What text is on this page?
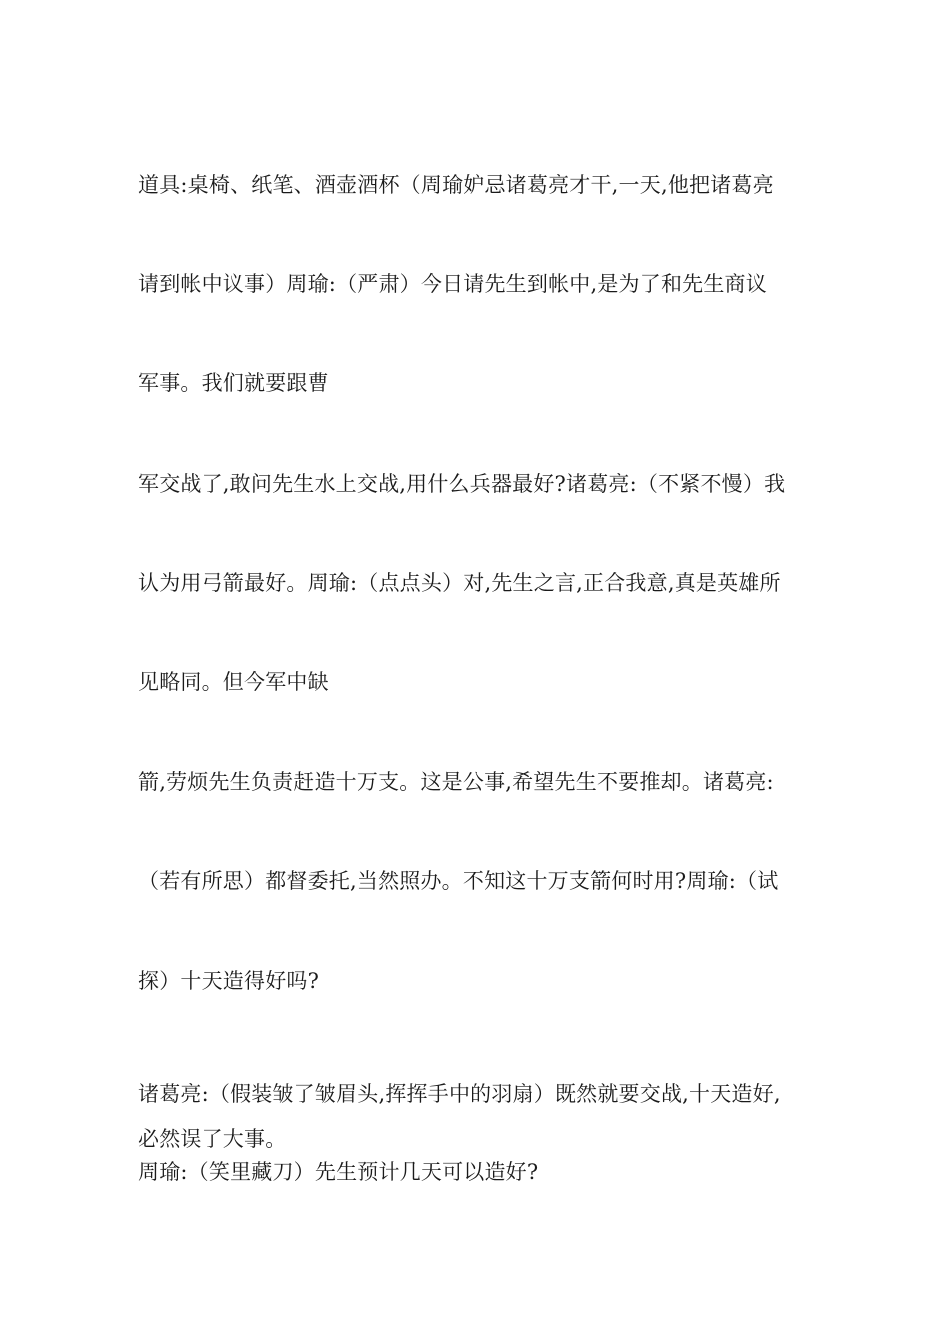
道具:桌椅、纸笔、酒壶酒杯（周瑜妒忌诸葛亮才干,一天,他把诸葛亮
请到帐中议事）周瑜:（严肃）今日请先生到帐中,是为了和先生商议
军事。我们就要跟曹
军交战了,敢问先生水上交战,用什么兵器最好?诸葛亮:（不紧不慢）我
认为用弓箭最好。周瑜:（点点头）对,先生之言,正合我意,真是英雄所
见略同。但今军中缺
箭,劳烦先生负责赶造十万支。这是公事,希望先生不要推却。诸葛亮:
（若有所思）都督委托,当然照办。不知这十万支箭何时用?周瑜:（试
探）十天造得好吗?
诸葛亮:（假装皱了皱眉头,挥挥手中的羽扇）既然就要交战,十天造好,
必然误了大事。
周瑜:（笑里藏刀）先生预计几天可以造好?
